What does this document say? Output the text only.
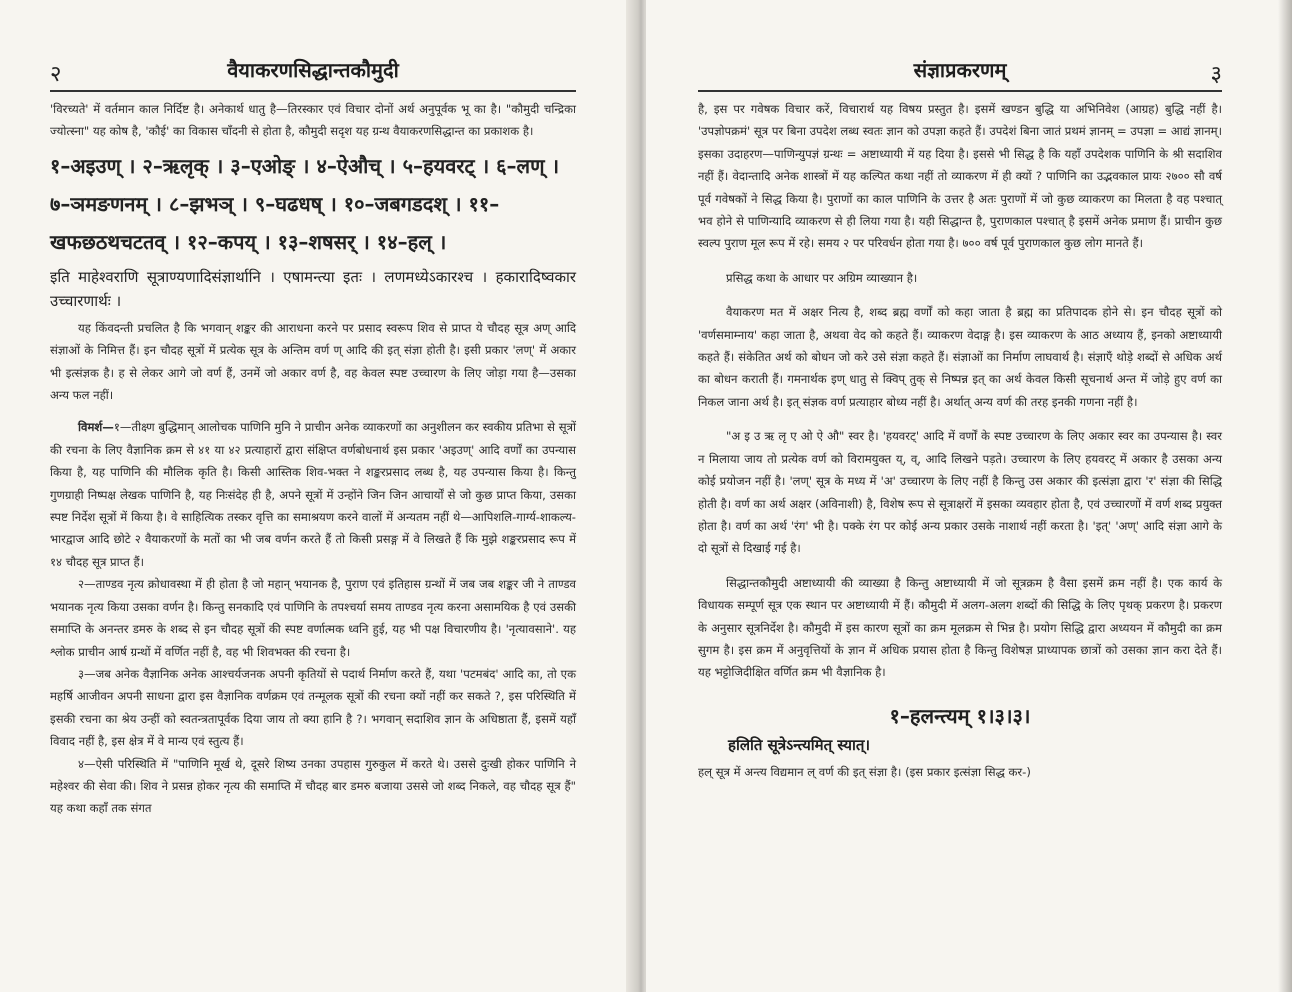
२	वैयाकरणसिद्धान्तकौमुदी

'विरच्यते' में वर्तमान काल निर्दिष्ट है। अनेकार्थ धातु है—तिरस्कार एवं विचार दोनों अर्थ अनुपूर्वक भू का है। "कौमुदी चन्द्रिका ज्योत्स्ना" यह कोष है, 'कौई' का विकास चाँदनी से होता है, कौमुदी सदृश यह ग्रन्थ वैयाकरणसिद्धान्त का प्रकाशक है।

१–अइउण् । २–ऋलृक् । ३–एओङ् । ४–ऐऔच् । ५–हयवरट् । ६–लण् । ७–ञमङणनम् । ८–झभञ् । ९–घढधष् । १०–जबगडदश् । ११–खफछठथचटतव् । १२–कपय् । १३–शषसर् । १४–हल् ।

इति माहेश्वराणि सूत्राण्यणादिसंज्ञार्थानि । एषामन्त्या इतः । लणमध्येऽकारश्च । हकारादिष्वकार उच्चारणार्थः ।

यह किंवदन्ती प्रचलित है कि भगवान् शङ्कर की आराधना करने पर प्रसाद स्वरूप शिव से प्राप्त ये चौदह सूत्र अण् आदि संज्ञाओं के निमित्त हैं। इन चौदह सूत्रों में प्रत्येक सूत्र के अन्तिम वर्ण ण् आदि की इत् संज्ञा होती है। इसी प्रकार 'लण्' में अकार भी इत्संज्ञक है। ह से लेकर आगे जो वर्ण हैं, उनमें जो अकार वर्ण है, वह केवल स्पष्ट उच्चारण के लिए जोड़ा गया है—उसका अन्य फल नहीं।

विमर्श—१—तीक्ष्ण बुद्धिमान् आलोचक पाणिनि मुनि ने प्राचीन अनेक व्याकरणों का अनुशीलन कर स्वकीय प्रतिभा से सूत्रों की रचना के लिए वैज्ञानिक क्रम से ४१ या ४२ प्रत्याहारों द्वारा संक्षिप्त वर्णबोधनार्थ इस प्रकार 'अइउण्' आदि वर्णों का उपन्यास किया है, यह पाणिनि की मौलिक कृति है। किसी आस्तिक शिव-भक्त ने शङ्करप्रसाद लब्ध है, यह उपन्यास किया है। किन्तु गुणग्राही निष्पक्ष लेखक पाणिनि है, यह निःसंदेह ही है, अपने सूत्रों में उन्होंने जिन जिन आचार्यों से जो कुछ प्राप्त किया, उसका स्पष्ट निर्देश सूत्रों में किया है। वे साहित्यिक तस्कर वृत्ति का समाश्रयण करने वालों में अन्यतम नहीं थे—आपिशलि-गार्ग्य-शाकल्य-भारद्वाज आदि छोटे २ वैयाकरणों के मतों का भी जब वर्णन करते हैं तो किसी प्रसङ्ग में वे लिखते हैं कि मुझे शङ्करप्रसाद रूप में १४ चौदह सूत्र प्राप्त हैं।

२—ताण्डव नृत्य क्रोधावस्था में ही होता है जो महान् भयानक है, पुराण एवं इतिहास ग्रन्थों में जब जब शङ्कर जी ने ताण्डव भयानक नृत्य किया उसका वर्णन है। किन्तु सनकादि एवं पाणिनि के तपश्चर्या समय ताण्डव नृत्य करना असामयिक है एवं उसकी समाप्ति के अनन्तर डमरु के शब्द से इन चौदह सूत्रों की स्पष्ट वर्णात्मक ध्वनि हुई, यह भी पक्ष विचारणीय है। 'नृत्यावसाने'. यह श्लोक प्राचीन आर्ष ग्रन्थों में वर्णित नहीं है, वह भी शिवभक्त की रचना है।

३—जब अनेक वैज्ञानिक अनेक आश्चर्यजनक अपनी कृतियों से पदार्थ निर्माण करते हैं, यथा 'पटमबंद' आदि का, तो एक महर्षि आजीवन अपनी साधना द्वारा इस वैज्ञानिक वर्णक्रम एवं तन्मूलक सूत्रों की रचना क्यों नहीं कर सकते ?, इस परिस्थिति में इसकी रचना का श्रेय उन्हीं को स्वतन्त्रतापूर्वक दिया जाय तो क्या हानि है ?। भगवान् सदाशिव ज्ञान के अधिष्ठाता हैं, इसमें यहाँ विवाद नहीं है, इस क्षेत्र में वे मान्य एवं स्तुत्य हैं।

४—ऐसी परिस्थिति में "पाणिनि मूर्ख थे, दूसरे शिष्य उनका उपहास गुरुकुल में करते थे। उससे दुःखी होकर पाणिनि ने महेश्वर की सेवा की। शिव ने प्रसन्न होकर नृत्य की समाप्ति में चौदह बार डमरु बजाया उससे जो शब्द निकले, वह चौदह सूत्र हैं" यह कथा कहाँ तक संगत

संज्ञाप्रकरणम्	३

है, इस पर गवेषक विचार करें, विचारार्थ यह विषय प्रस्तुत है। इसमें खण्डन बुद्धि या अभिनिवेश (आग्रह) बुद्धि नहीं है। 'उपज्ञोपक्रमं' सूत्र पर बिना उपदेश लब्ध स्वतः ज्ञान को उपज्ञा कहते हैं। उपदेशं बिना जातं प्रथमं ज्ञानम् = उपज्ञा = आद्यं ज्ञानम्। इसका उदाहरण—पाणिन्युपज्ञं ग्रन्थः = अष्टाध्यायी में यह दिया है। इससे भी सिद्ध है कि यहाँ उपदेशक पाणिनि के श्री सदाशिव नहीं हैं। वेदान्तादि अनेक शास्त्रों में यह कल्पित कथा नहीं तो व्याकरण में ही क्यों ? पाणिनि का उद्भवकाल प्रायः २७०० सौ वर्ष पूर्व गवेषकों ने सिद्ध किया है। पुराणों का काल पाणिनि के उत्तर है अतः पुराणों में जो कुछ व्याकरण का मिलता है वह पश्चात् भव होने से पाणिन्यादि व्याकरण से ही लिया गया है। यही सिद्धान्त है, पुराणकाल पश्चात् है इसमें अनेक प्रमाण हैं। प्राचीन कुछ स्वल्प पुराण मूल रूप में रहे। समय २ पर परिवर्धन होता गया है। ७०० वर्ष पूर्व पुराणकाल कुछ लोग मानते हैं।

प्रसिद्ध कथा के आधार पर अग्रिम व्याख्यान है।

वैयाकरण मत में अक्षर नित्य है, शब्द ब्रह्म वर्णों को कहा जाता है ब्रह्म का प्रतिपादक होने से। इन चौदह सूत्रों को 'वर्णसमाम्नाय' कहा जाता है, अथवा वेद को कहते हैं। व्याकरण वेदाङ्ग है। इस व्याकरण के आठ अध्याय हैं, इनको अष्टाध्यायी कहते हैं। संकेतित अर्थ को बोधन जो करे उसे संज्ञा कहते हैं। संज्ञाओं का निर्माण लाघवार्थ है। संज्ञाएँ थोड़े शब्दों से अधिक अर्थ का बोधन कराती हैं। गमनार्थक इण् धातु से क्विप् तुक् से निष्पन्न इत् का अर्थ केवल किसी सूचनार्थ अन्त में जोड़े हुए वर्ण का निकल जाना अर्थ है। इत् संज्ञक वर्ण प्रत्याहार बोध्य नहीं है। अर्थात् अन्य वर्ण की तरह इनकी गणना नहीं है।

"अ इ उ ऋ लृ ए ओ ऐ औ" स्वर है। 'हयवरट्' आदि में वर्णों के स्पष्ट उच्चारण के लिए अकार स्वर का उपन्यास है। स्वर न मिलाया जाय तो प्रत्येक वर्ण को विरामयुक्त य्, व्, आदि लिखने पड़ते। उच्चारण के लिए हयवरट् में अकार है उसका अन्य कोई प्रयोजन नहीं है। 'लण्' सूत्र के मध्य में 'अ' उच्चारण के लिए नहीं है किन्तु उस अकार की इत्संज्ञा द्वारा 'र' संज्ञा की सिद्धि होती है। वर्ण का अर्थ अक्षर (अविनाशी) है, विशेष रूप से सूत्राक्षरों में इसका व्यवहार होता है, एवं उच्चारणों में वर्ण शब्द प्रयुक्त होता है। वर्ण का अर्थ 'रंग' भी है। पक्के रंग पर कोई अन्य प्रकार उसके नाशार्थ नहीं करता है। 'इत्' 'अण्' आदि संज्ञा आगे के दो सूत्रों से दिखाई गई है।

सिद्धान्तकौमुदी अष्टाध्यायी की व्याख्या है किन्तु अष्टाध्यायी में जो सूत्रक्रम है वैसा इसमें क्रम नहीं है। एक कार्य के विधायक सम्पूर्ण सूत्र एक स्थान पर अष्टाध्यायी में हैं। कौमुदी में अलग-अलग शब्दों की सिद्धि के लिए पृथक् प्रकरण है। प्रकरण के अनुसार सूत्रनिर्देश है। कौमुदी में इस कारण सूत्रों का क्रम मूलक्रम से भिन्न है। प्रयोग सिद्धि द्वारा अध्ययन में कौमुदी का क्रम सुगम है। इस क्रम में अनुवृत्तियों के ज्ञान में अधिक प्रयास होता है किन्तु विशेषज्ञ प्राध्यापक छात्रों को उसका ज्ञान करा देते हैं। यह भट्टोजिदीक्षित वर्णित क्रम भी वैज्ञानिक है।

१–हलन्त्यम् १।३।३।
हलिति सूत्रेऽन्त्यमित् स्यात्।

हल् सूत्र में अन्त्य विद्यमान ल् वर्ण की इत् संज्ञा है। (इस प्रकार इत्संज्ञा सिद्ध कर-)
